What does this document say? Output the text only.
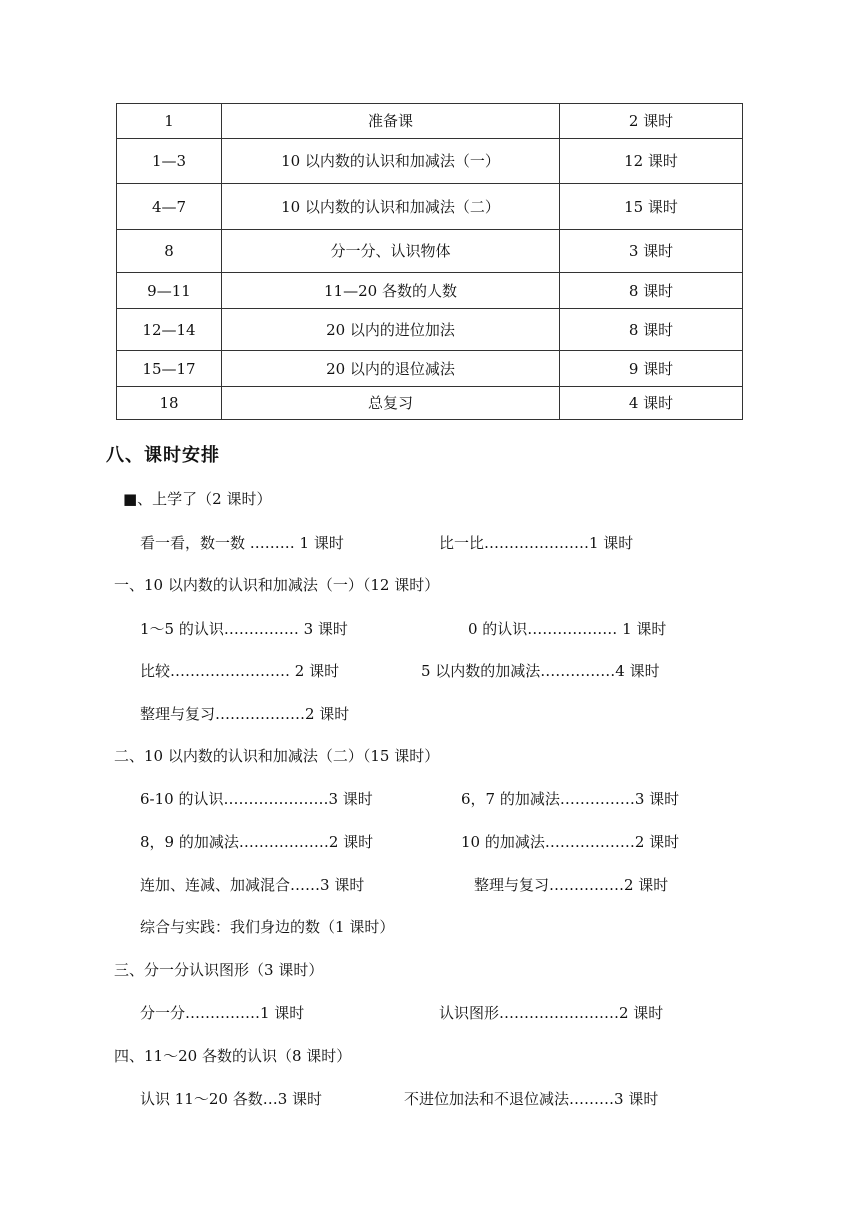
1	准备课	2 课时
1—3	10 以内数的认识和加减法（一）	12 课时
4—7	10 以内数的认识和加减法（二）	15 课时
8	分一分、认识物体	3 课时
9—11	11—20 各数的人数	8 课时
12—14	20 以内的进位加法	8 课时
15—17	20 以内的退位减法	9 课时
18	总复习	4 课时
八、课时安排
■、上学了（2 课时）
看一看，数一数 ……… 1 课时	比一比…………………1 课时
一、10 以内数的认识和加减法（一）（12 课时）
1～5 的认识…………… 3 课时	0 的认识……………… 1 课时
比较…………………… 2 课时	5 以内数的加减法……………4 课时
整理与复习………………2 课时
二、10 以内数的认识和加减法（二）（15 课时）
6-10 的认识…………………3 课时	6，7 的加减法……………3 课时
8，9 的加减法………………2 课时	10 的加减法………………2 课时
连加、连减、加减混合……3 课时	整理与复习……………2 课时
综合与实践：我们身边的数（1 课时）
三、分一分认识图形（3 课时）
分一分……………1 课时	认识图形……………………2 课时
四、11～20 各数的认识（8 课时）
认识 11～20 各数…3 课时	不进位加法和不退位减法………3 课时
